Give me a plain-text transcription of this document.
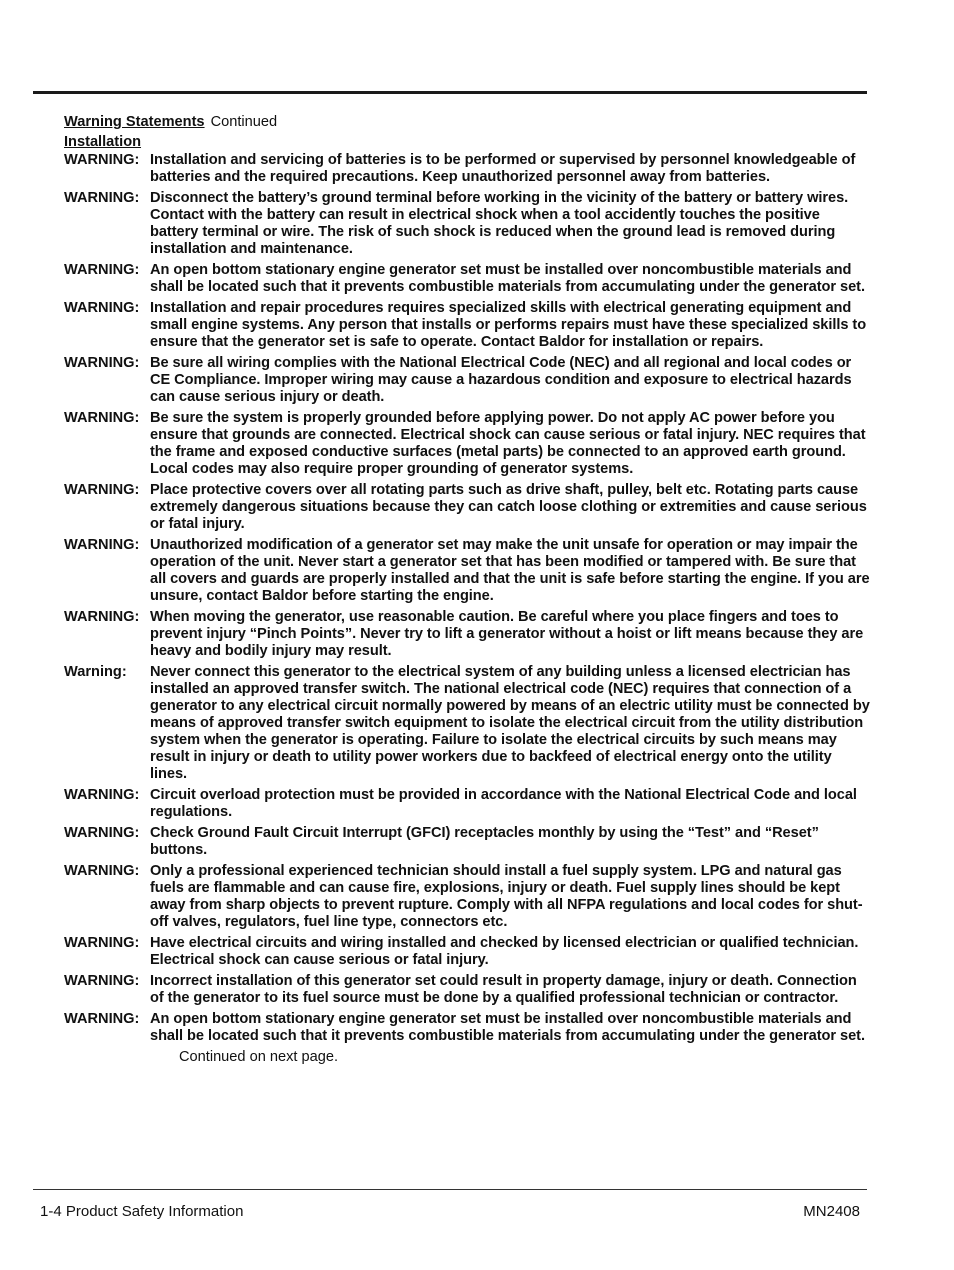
Warning Statements Continued
Installation
WARNING: Installation and servicing of batteries is to be performed or supervised by personnel knowledgeable of batteries and the required precautions. Keep unauthorized personnel away from batteries.
WARNING: Disconnect the battery’s ground terminal before working in the vicinity of the battery or battery wires. Contact with the battery can result in electrical shock when a tool accidently touches the positive battery terminal or wire. The risk of such shock is reduced when the ground lead is removed during installation and maintenance.
WARNING: An open bottom stationary engine generator set must be installed over noncombustible materials and shall be located such that it prevents combustible materials from accumulating under the generator set.
WARNING: Installation and repair procedures requires specialized skills with electrical generating equipment and small engine systems. Any person that installs or performs repairs must have these specialized skills to ensure that the generator set is safe to operate. Contact Baldor for installation or repairs.
WARNING: Be sure all wiring complies with the National Electrical Code (NEC) and all regional and local codes or CE Compliance. Improper wiring may cause a hazardous condition and exposure to electrical hazards can cause serious injury or death.
WARNING: Be sure the system is properly grounded before applying power. Do not apply AC power before you ensure that grounds are connected. Electrical shock can cause serious or fatal injury. NEC requires that the frame and exposed conductive surfaces (metal parts) be connected to an approved earth ground. Local codes may also require proper grounding of generator systems.
WARNING: Place protective covers over all rotating parts such as drive shaft, pulley, belt etc. Rotating parts cause extremely dangerous situations because they can catch loose clothing or extremities and cause serious or fatal injury.
WARNING: Unauthorized modification of a generator set may make the unit unsafe for operation or may impair the operation of the unit. Never start a generator set that has been modified or tampered with. Be sure that all covers and guards are properly installed and that the unit is safe before starting the engine. If you are unsure, contact Baldor before starting the engine.
WARNING: When moving the generator, use reasonable caution. Be careful where you place fingers and toes to prevent injury “Pinch Points”. Never try to lift a generator without a hoist or lift means because they are heavy and bodily injury may result.
Warning:	Never connect this generator to the electrical system of any building unless a licensed electrician has installed an approved transfer switch. The national electrical code (NEC) requires that connection of a generator to any electrical circuit normally powered by means of an electric utility must be connected by means of approved transfer switch equipment to isolate the electrical circuit from the utility distribution system when the generator is operating. Failure to isolate the electrical circuits by such means may result in injury or death to utility power workers due to backfeed of electrical energy onto the utility lines.
WARNING: Circuit overload protection must be provided in accordance with the National Electrical Code and local regulations.
WARNING: Check Ground Fault Circuit Interrupt (GFCI) receptacles monthly by using the “Test” and “Reset” buttons.
WARNING: Only a professional experienced technician should install a fuel supply system. LPG and natural gas fuels are flammable and can cause fire, explosions, injury or death. Fuel supply lines should be kept away from sharp objects to prevent rupture. Comply with all NFPA regulations and local codes for shut-off valves, regulators, fuel line type, connectors etc.
WARNING: Have electrical circuits and wiring installed and checked by licensed electrician or qualified technician. Electrical shock can cause serious or fatal injury.
WARNING: Incorrect installation of this generator set could result in property damage, injury or death. Connection of the generator to its fuel source must be done by a qualified professional technician or contractor.
WARNING: An open bottom stationary engine generator set must be installed over noncombustible materials and shall be located such that it prevents combustible materials from accumulating under the generator set.
Continued on next page.
1-4 Product Safety Information	MN2408
